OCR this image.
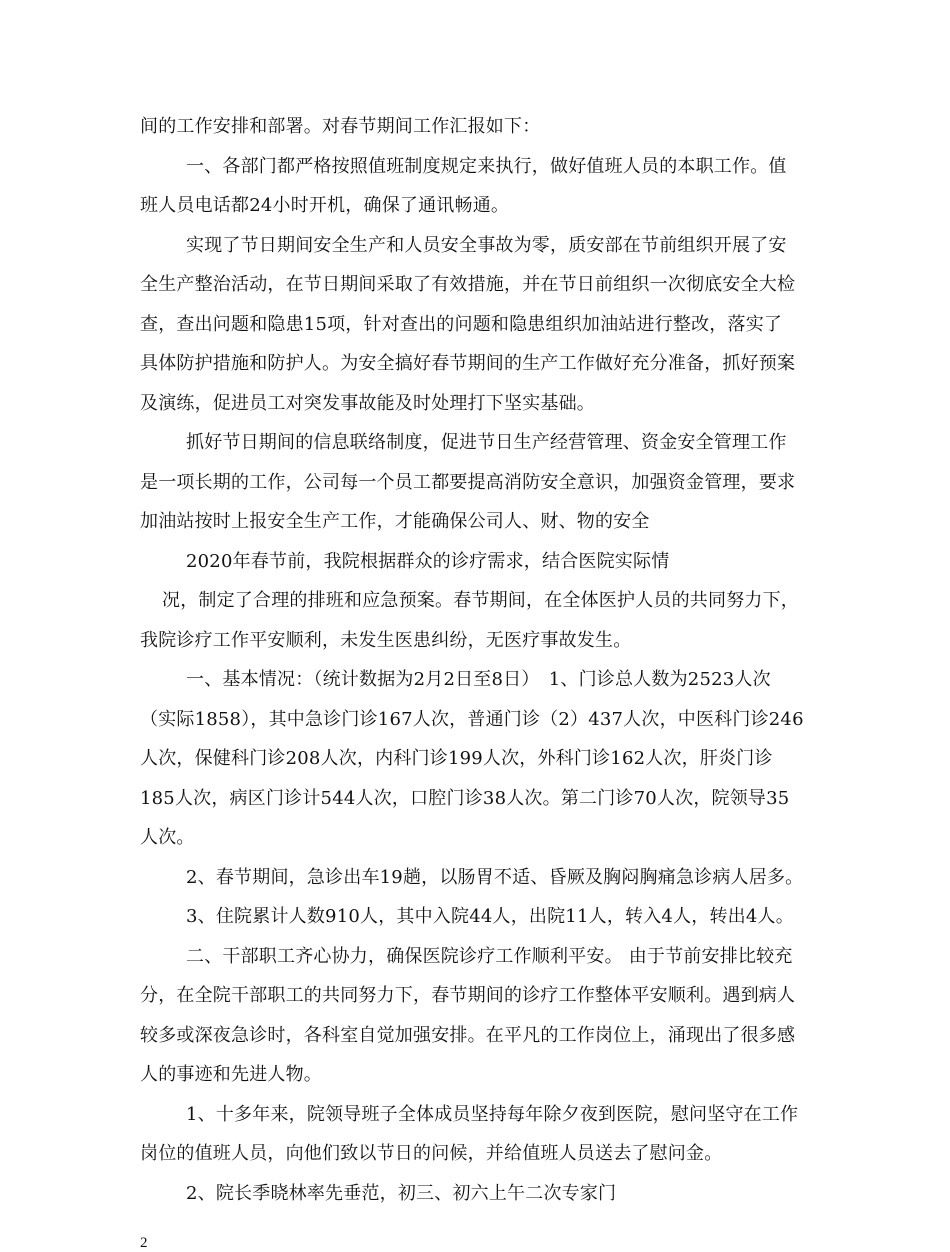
间的工作安排和部署。对春节期间工作汇报如下：
一、各部门都严格按照值班制度规定来执行，做好值班人员的本职工作。值
班人员电话都24小时开机，确保了通讯畅通。
实现了节日期间安全生产和人员安全事故为零，质安部在节前组织开展了安
全生产整治活动，在节日期间采取了有效措施，并在节日前组织一次彻底安全大检
查，查出问题和隐患15项，针对查出的问题和隐患组织加油站进行整改，落实了
具体防护措施和防护人。为安全搞好春节期间的生产工作做好充分准备，抓好预案
及演练，促进员工对突发事故能及时处理打下坚实基础。
抓好节日期间的信息联络制度，促进节日生产经营管理、资金安全管理工作
是一项长期的工作，公司每一个员工都要提高消防安全意识，加强资金管理，要求
加油站按时上报安全生产工作，才能确保公司人、财、物的安全
2020年春节前，我院根据群众的诊疗需求，结合医院实际情
况，制定了合理的排班和应急预案。春节期间，在全体医护人员的共同努力下，
我院诊疗工作平安顺利，未发生医患纠纷，无医疗事故发生。
一、基本情况：（统计数据为2月2日至8日）　1、门诊总人数为2523人次
（实际1858），其中急诊门诊167人次，普通门诊（2）437人次，中医科门诊246
人次，保健科门诊208人次，内科门诊199人次，外科门诊162人次，肝炎门诊
185人次，病区门诊计544人次，口腔门诊38人次。第二门诊70人次，院领导35
人次。
2、春节期间，急诊出车19趟，以肠胃不适、昏厥及胸闷胸痛急诊病人居多。
3、住院累计人数910人，其中入院44人，出院11人，转入4人，转出4人。
二、干部职工齐心协力，确保医院诊疗工作顺利平安。 由于节前安排比较充
分，在全院干部职工的共同努力下，春节期间的诊疗工作整体平安顺利。遇到病人
较多或深夜急诊时，各科室自觉加强安排。在平凡的工作岗位上，涌现出了很多感
人的事迹和先进人物。
1、十多年来，院领导班子全体成员坚持每年除夕夜到医院，慰问坚守在工作
岗位的值班人员，向他们致以节日的问候，并给值班人员送去了慰问金。
2、院长季晓林率先垂范，初三、初六上午二次专家门
2
